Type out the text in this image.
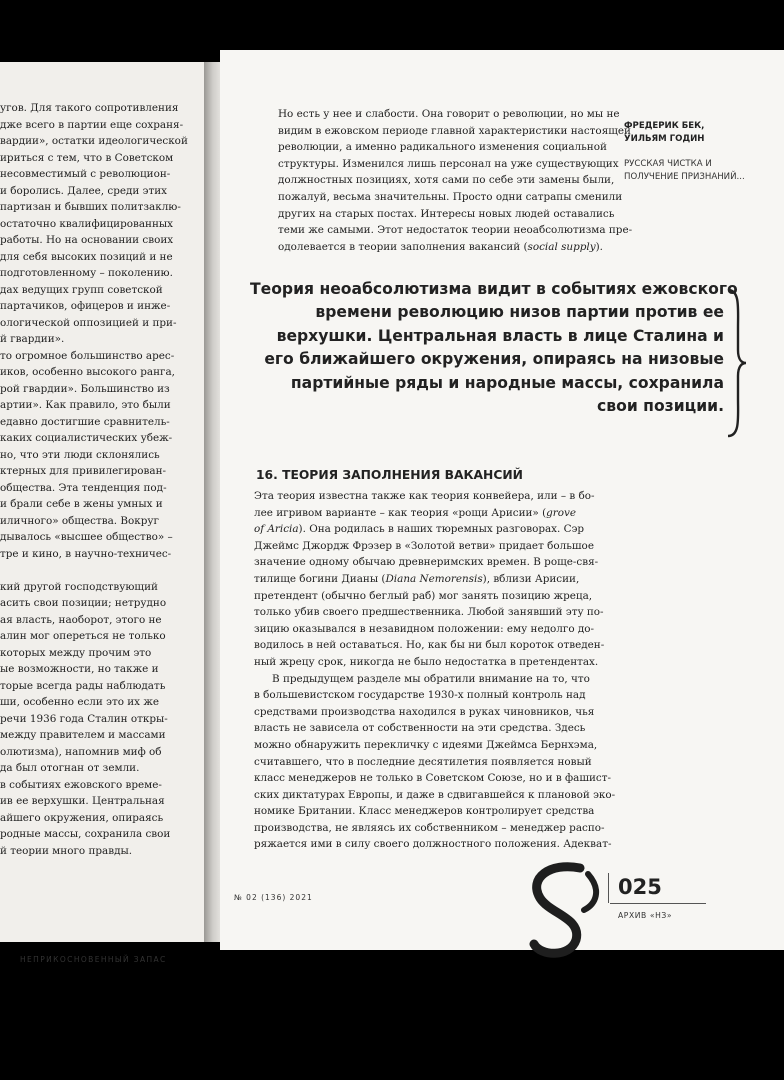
угов. Для такого сопротивления
дже всего в партии еще сохраня-
вардии», остатки идеологической
ириться с тем, что в Советском
несовместимый с революцион-
и боролись. Далее, среди этих
партизан и бывших политзаклю-
остаточно квалифицированных
работы. Но на основании своих
для себя высоких позиций и не
подготовленному – поколению.
дах ведущих групп советской
партачиков, офицеров и инже-
ологической оппозицией и при-
й гвардии».
то огромное большинство арес-
иков, особенно высокого ранга,
рой гвардии». Большинство из
артии». Как правило, это были
едавно достигшие сравнитель-
каких социалистических убеж-
но, что эти люди склонялись
ктерных для привилегирован-
общества. Эта тенденция под-
и брали себе в жены умных и
иличного» общества. Вокруг
дывалось «высшее общество» –
тре и кино, в научно-техничес-
кий другой господствующий
асить свои позиции; нетрудно
ая власть, наоборот, этого не
алин мог опереться не только
которых между прочим это
ые возможности, но также и
торые всегда рады наблюдать
ши, особенно если это их же
речи 1936 года Сталин откры-
между правителем и массами
олютизма), напомнив миф об
да был отогнан от земли.
в событиях ежовского време-
ив ее верхушки. Центральная
айшего окружения, опираясь
родные массы, сохранила свои
й теории много правды.
НЕПРИКОСНОВЕННЫЙ ЗАПАС
Но есть у нее и слабости. Она говорит о революции, но мы не
видим в ежовском периоде главной характеристики настоящей
революции, а именно радикального изменения социальной
структуры. Изменился лишь персонал на уже существующих
должностных позициях, хотя сами по себе эти замены были,
пожалуй, весьма значительны. Просто одни сатрапы сменили
других на старых постах. Интересы новых людей оставались
теми же самыми. Этот недостаток теории неоабсолютизма пре-
одолевается в теории заполнения вакансий (social supply).
ФРЕДЕРИК БЕК,
УИЛЬЯМ ГОДИН
РУССКАЯ ЧИСТКА И
ПОЛУЧЕНИЕ ПРИЗНАНИЙ...
Теория неоабсолютизма видит в событиях ежовского
времени революцию низов партии против ее
верхушки. Центральная власть в лице Сталина и
его ближайшего окружения, опираясь на низовые
партийные ряды и народные массы, сохранила
свои позиции.
16. ТЕОРИЯ ЗАПОЛНЕНИЯ ВАКАНСИЙ
Эта теория известна также как теория конвейера, или – в бо-
лее игривом варианте – как теория «рощи Арисии» (grove
of Aricia). Она родилась в наших тюремных разговорах. Сэр
Джеймс Джордж Фрэзер в «Золотой ветви» придает большое
значение одному обычаю древнеримских времен. В роще-свя-
тилище богини Дианы (Diana Nemorensis), вблизи Арисии,
претендент (обычно беглый раб) мог занять позицию жреца,
только убив своего предшественника. Любой занявший эту по-
зицию оказывался в незавидном положении: ему недолго до-
водилось в ней оставаться. Но, как бы ни был короток отведен-
ный жрецу срок, никогда не было недостатка в претендентах.
В предыдущем разделе мы обратили внимание на то, что
в большевистском государстве 1930-х полный контроль над
средствами производства находился в руках чиновников, чья
власть не зависела от собственности на эти средства. Здесь
можно обнаружить перекличку с идеями Джеймса Бернхэма,
считавшего, что в последние десятилетия появляется новый
класс менеджеров не только в Советском Союзе, но и в фашист-
ских диктатурах Европы, и даже в сдвигавшейся к плановой эко-
номике Британии. Класс менеджеров контролирует средства
производства, не являясь их собственником – менеджер распо-
ряжается ими в силу своего должностного положения. Адекват-
№ 02 (136) 2021	025
АРХИВ «НЗ»
